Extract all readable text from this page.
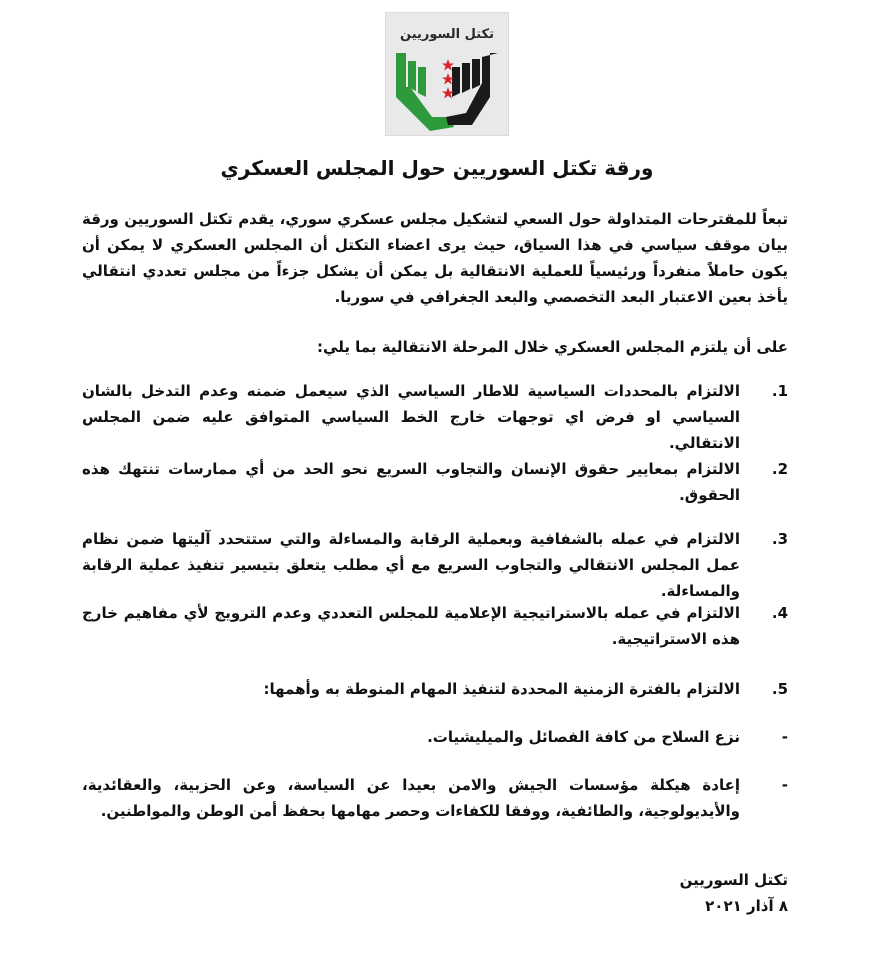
تكتل السوريين
ورقة تكتل السوريين حول المجلس العسكري

تبعاً للمقترحات المتداولة حول السعي لتشكيل مجلس عسكري سوري، يقدم تكتل السوريين ورقة بيان موقف سياسي في هذا السياق، حيث يرى اعضاء التكتل أن المجلس العسكري لا يمكن أن يكون حاملاً منفرداً ورئيسياً للعملية الانتقالية بل يمكن أن يشكل جزءاً من مجلس تعددي انتقالي يأخذ بعين الاعتبار البعد التخصصي والبعد الجغرافي في سوريا.

على أن يلتزم المجلس العسكري خلال المرحلة الانتقالية بما يلي:

1.

الالتزام بالمحددات السياسية للاطار السياسي الذي سيعمل ضمنه وعدم التدخل بالشان السياسي او فرض اي توجهات خارج الخط السياسي المتوافق عليه ضمن المجلس الانتقالي.

2.

الالتزام بمعايير حقوق الإنسان والتجاوب السريع نحو الحد من أي ممارسات تنتهك هذه الحقوق.

3.

الالتزام في عمله بالشفافية وبعملية الرقابة والمساءلة والتي ستتحدد آليتها ضمن نظام عمل المجلس الانتقالي والتجاوب السريع مع أي مطلب يتعلق بتيسير تنفيذ عملية الرقابة والمساءلة.

4.

الالتزام في عمله بالاستراتيجية الإعلامية للمجلس التعددي وعدم الترويج لأي مفاهيم خارج هذه الاستراتيجية.

5.

الالتزام بالفترة الزمنية المحددة لتنفيذ المهام المنوطة به وأهمها:

-

نزع السلاح من كافة الفصائل والميليشيات.

-

إعادة هيكلة مؤسسات الجيش والامن بعيدا عن السياسة، وعن الحزبية، والعقائدية، والأيديولوجية، والطائفية، ووفقا للكفاءات وحصر مهامها بحفظ أمن الوطن والمواطنين.

تكتل السوريين
٨ آذار ٢٠٢١
